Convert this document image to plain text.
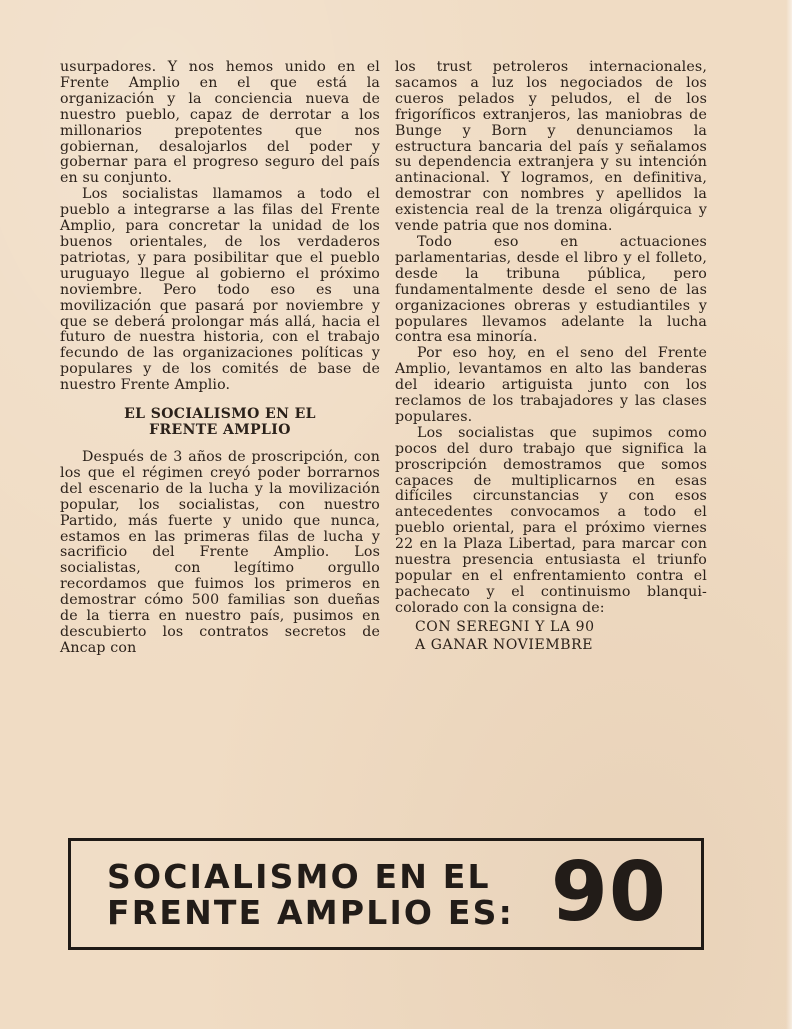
usurpadores. Y nos hemos unido en el Frente Amplio en el que está la organización y la conciencia nueva de nuestro pueblo, capaz de derrotar a los millonarios prepotentes que nos gobiernan, desalojarlos del poder y gobernar para el progreso seguro del país en su conjunto.

Los socialistas llamamos a todo el pueblo a integrarse a las filas del Frente Amplio, para concretar la unidad de los buenos orientales, de los verdaderos patriotas, y para posibilitar que el pueblo uruguayo llegue al gobierno el próximo noviembre. Pero todo eso es una movilización que pasará por noviembre y que se deberá prolongar más allá, hacia el futuro de nuestra historia, con el trabajo fecundo de las organizaciones políticas y populares y de los comités de base de nuestro Frente Amplio.

EL SOCIALISMO EN EL
FRENTE AMPLIO

Después de 3 años de proscripción, con los que el régimen creyó poder borrarnos del escenario de la lucha y la movilización popular, los socialistas, con nuestro Partido, más fuerte y unido que nunca, estamos en las primeras filas de lucha y sacrificio del Frente Amplio. Los socialistas, con legítimo orgullo recordamos que fuimos los primeros en demostrar cómo 500 familias son dueñas de la tierra en nuestro país, pusimos en descubierto los contratos secretos de Ancap con

los trust petroleros internacionales, sacamos a luz los negociados de los cueros pelados y peludos, el de los frigoríficos extranjeros, las maniobras de Bunge y Born y denunciamos la estructura bancaria del país y señalamos su dependencia extranjera y su intención antinacional. Y logramos, en definitiva, demostrar con nombres y apellidos la existencia real de la trenza oligárquica y vende patria que nos domina.

Todo eso en actuaciones parlamentarias, desde el libro y el folleto, desde la tribuna pública, pero fundamentalmente desde el seno de las organizaciones obreras y estudiantiles y populares llevamos adelante la lucha contra esa minoría.

Por eso hoy, en el seno del Frente Amplio, levantamos en alto las banderas del ideario artiguista junto con los reclamos de los trabajadores y las clases populares.

Los socialistas que supimos como pocos del duro trabajo que significa la proscripción demostramos que somos capaces de multiplicarnos en esas difíciles circunstancias y con esos antecedentes convocamos a todo el pueblo oriental, para el próximo viernes 22 en la Plaza Libertad, para marcar con nuestra presencia entusiasta el triunfo popular en el enfrentamiento contra el pachecato y el continuismo blanqui-colorado con la consigna de:

CON SEREGNI Y LA 90
A GANAR NOVIEMBRE
SOCIALISMO EN EL
FRENTE AMPLIO ES: 90
